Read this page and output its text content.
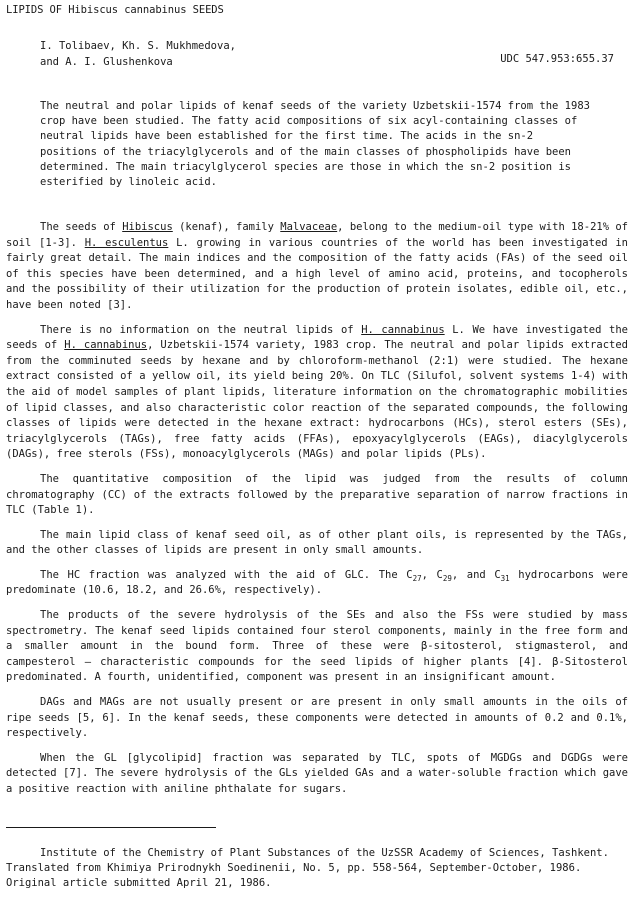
LIPIDS OF Hibiscus cannabinus SEEDS
I. Tolibaev, Kh. S. Mukhmedova,
and A. I. Glushenkova	UDC 547.953:655.37

The neutral and polar lipids of kenaf seeds of the variety Uzbetskii-1574 from the 1983 crop have been studied. The fatty acid compositions of six acyl-containing classes of neutral lipids have been established for the first time. The acids in the sn-2 positions of the triacylglycerols and of the main classes of phospholipids have been determined. The main triacylglycerol species are those in which the sn-2 position is esterified by linoleic acid.

The seeds of Hibiscus (kenaf), family Malvaceae, belong to the medium-oil type with 18-21% of soil [1-3]. H. esculentus L. growing in various countries of the world has been investigated in fairly great detail. The main indices and the composition of the fatty acids (FAs) of the seed oil of this species have been determined, and a high level of amino acid, proteins, and tocopherols and the possibility of their utilization for the production of protein isolates, edible oil, etc., have been noted [3].

There is no information on the neutral lipids of H. cannabinus L. We have investigated the seeds of H. cannabinus, Uzbetskii-1574 variety, 1983 crop. The neutral and polar lipids extracted from the comminuted seeds by hexane and by chloroform-methanol (2:1) were studied. The hexane extract consisted of a yellow oil, its yield being 20%. On TLC (Silufol, solvent systems 1-4) with the aid of model samples of plant lipids, literature information on the chromatographic mobilities of lipid classes, and also characteristic color reaction of the separated compounds, the following classes of lipids were detected in the hexane extract: hydrocarbons (HCs), sterol esters (SEs), triacylglycerols (TAGs), free fatty acids (FFAs), epoxyacylglycerols (EAGs), diacylglycerols (DAGs), free sterols (FSs), monoacylglycerols (MAGs) and polar lipids (PLs).

The quantitative composition of the lipid was judged from the results of column chromatography (CC) of the extracts followed by the preparative separation of narrow fractions in TLC (Table 1).

The main lipid class of kenaf seed oil, as of other plant oils, is represented by the TAGs, and the other classes of lipids are present in only small amounts.

The HC fraction was analyzed with the aid of GLC. The $C_{27}$, $C_{29}$, and $C_{31}$ hydrocarbons were predominate (10.6, 18.2, and 26.6%, respectively).

The products of the severe hydrolysis of the SEs and also the FSs were studied by mass spectrometry. The kenaf seed lipids contained four sterol components, mainly in the free form and a smaller amount in the bound form. Three of these were β-sitosterol, stigmasterol, and campesterol – characteristic compounds for the seed lipids of higher plants [4]. β-Sitosterol predominated. A fourth, unidentified, component was present in an insignificant amount.

DAGs and MAGs are not usually present or are present in only small amounts in the oils of ripe seeds [5, 6]. In the kenaf seeds, these components were detected in amounts of 0.2 and 0.1%, respectively.

When the GL [glycolipid] fraction was separated by TLC, spots of MGDGs and DGDGs were detected [7]. The severe hydrolysis of the GLs yielded GAs and a water-soluble fraction which gave a positive reaction with aniline phthalate for sugars.

Institute of the Chemistry of Plant Substances of the UzSSR Academy of Sciences, Tashkent.
Translated from Khimiya Prirodnykh Soedinenii, No. 5, pp. 558-564, September-October, 1986.
Original article submitted April 21, 1986.
